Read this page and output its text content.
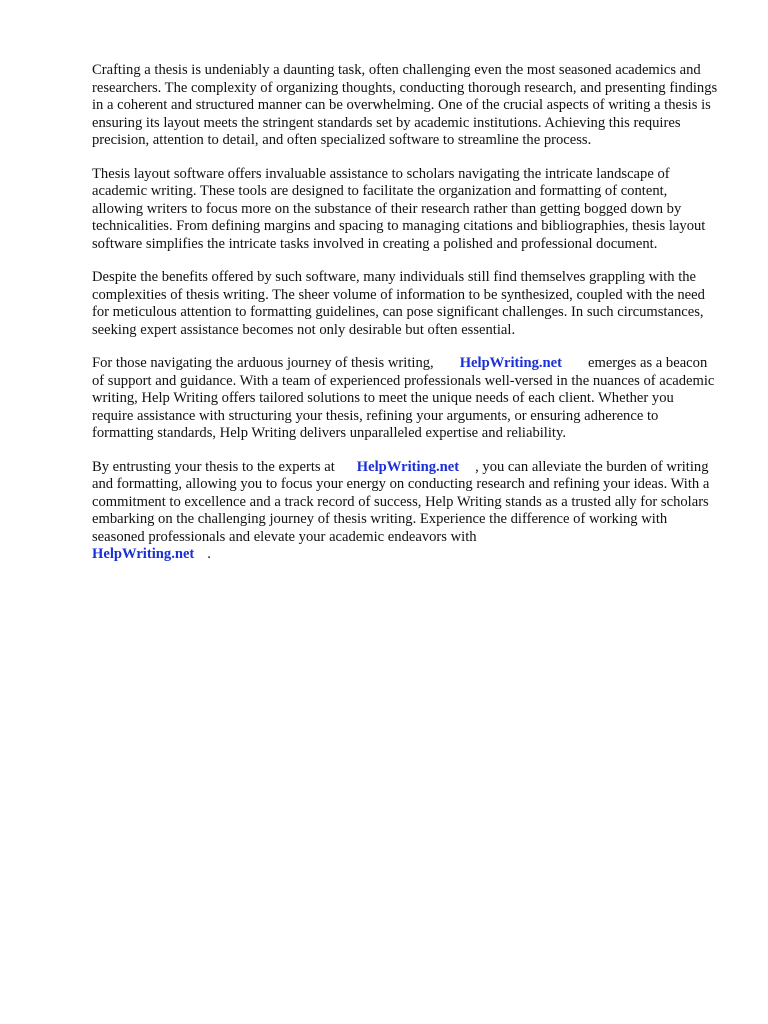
Crafting a thesis is undeniably a daunting task, often challenging even the most seasoned academics and researchers. The complexity of organizing thoughts, conducting thorough research, and presenting findings in a coherent and structured manner can be overwhelming. One of the crucial aspects of writing a thesis is ensuring its layout meets the stringent standards set by academic institutions. Achieving this requires precision, attention to detail, and often specialized software to streamline the process.

Thesis layout software offers invaluable assistance to scholars navigating the intricate landscape of academic writing. These tools are designed to facilitate the organization and formatting of content, allowing writers to focus more on the substance of their research rather than getting bogged down by technicalities. From defining margins and spacing to managing citations and bibliographies, thesis layout software simplifies the intricate tasks involved in creating a polished and professional document.

Despite the benefits offered by such software, many individuals still find themselves grappling with the complexities of thesis writing. The sheer volume of information to be synthesized, coupled with the need for meticulous attention to formatting guidelines, can pose significant challenges. In such circumstances, seeking expert assistance becomes not only desirable but often essential.

For those navigating the arduous journey of thesis writing, HelpWriting.net emerges as a beacon of support and guidance. With a team of experienced professionals well-versed in the nuances of academic writing, Help Writing offers tailored solutions to meet the unique needs of each client. Whether you require assistance with structuring your thesis, refining your arguments, or ensuring adherence to formatting standards, Help Writing delivers unparalleled expertise and reliability.

By entrusting your thesis to the experts at HelpWriting.net , you can alleviate the burden of writing and formatting, allowing you to focus your energy on conducting research and refining your ideas. With a commitment to excellence and a track record of success, Help Writing stands as a trusted ally for scholars embarking on the challenging journey of thesis writing. Experience the difference of working with seasoned professionals and elevate your academic endeavors with
HelpWriting.net .
